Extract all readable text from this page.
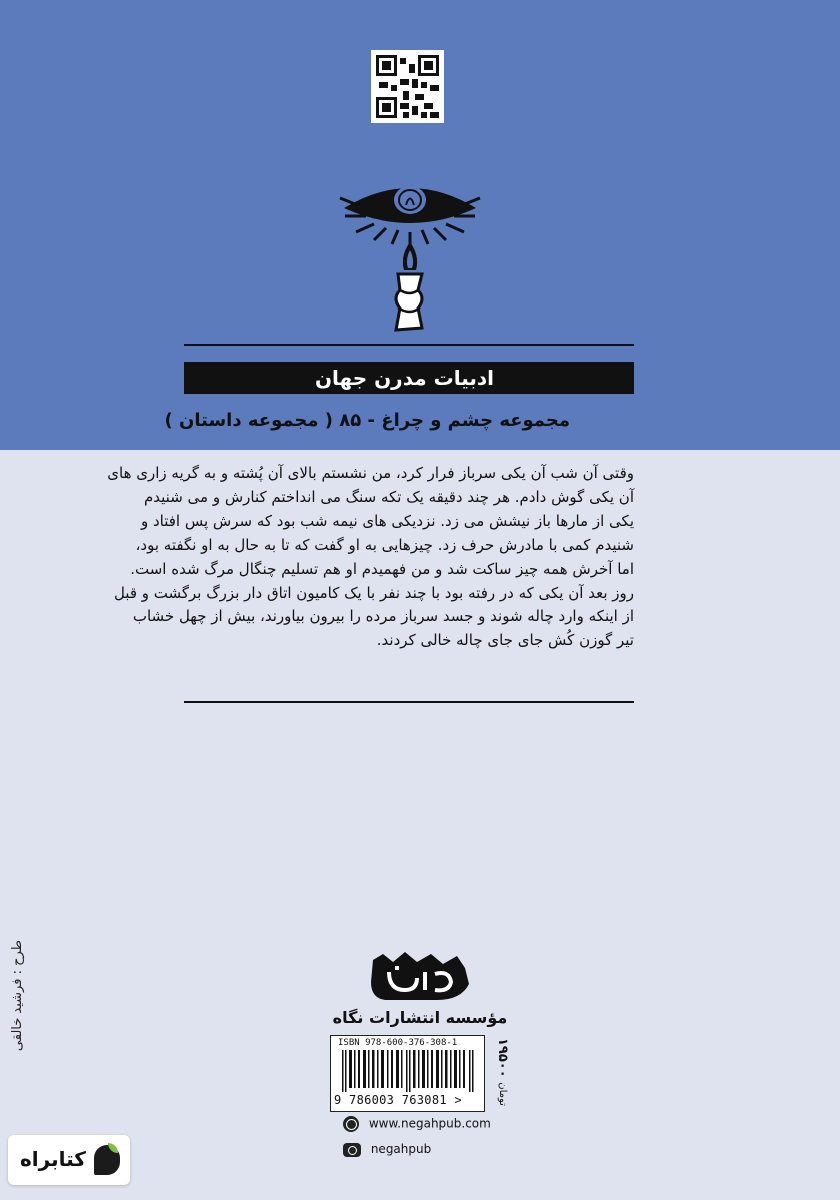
ادبیات مدرن جهان
مجموعه چشم و چراغ - ۸۵ ( مجموعه داستان )
وقتی آن شب آن یکی سرباز فرار کرد، من نشستم بالای آن پُشته و به گریه زاری های
آن یکی گوش دادم. هر چند دقیقه یک تکه سنگ می انداختم کنارش و می شنیدم
یکی از مارها باز نیشش می زد. نزدیکی های نیمه شب بود که سرش پس افتاد و
شنیدم کمی با مادرش حرف زد. چیزهایی به او گفت که تا به حال به او نگفته بود،
اما آخرش همه چیز ساکت شد و من فهمیدم او هم تسلیم چنگال مرگ شده است.
روز بعد آن یکی که در رفته بود با چند نفر با یک کامیون اتاق دار بزرگ برگشت و قبل
از اینکه وارد چاله شوند و جسد سرباز مرده را بیرون بیاورند، بیش از چهل خشاب
تیر گوزن کُش جای جای چاله خالی کردند.
طرح : فرشید خالقی	مؤسسه انتشارات نگاه
ISBN 978-600-376-308-1
9 786003 763081 >
۱۹۵۰۰ تومان
www.negahpub.com
negahpub
کتابراه
